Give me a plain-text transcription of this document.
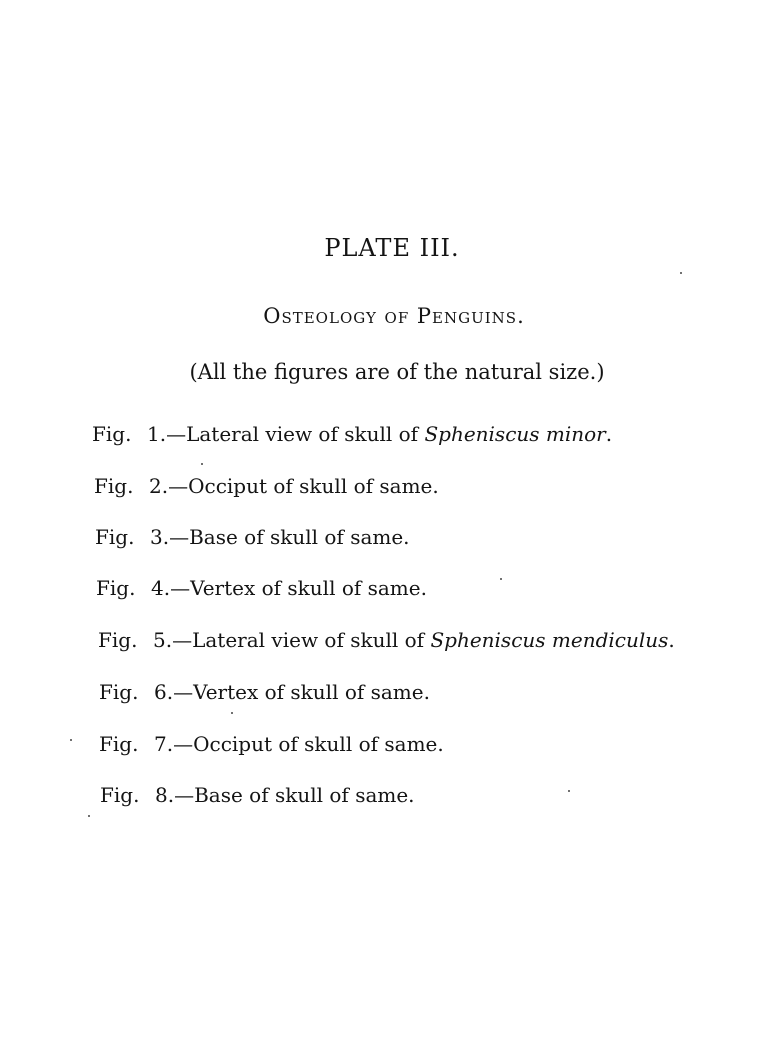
PLATE III.
Osteology of Penguins.
(All the figures are of the natural size.)
Fig. 1.—Lateral view of skull of Spheniscus minor.
Fig. 2.—Occiput of skull of same.
Fig. 3.—Base of skull of same.
Fig. 4.—Vertex of skull of same.
Fig. 5.—Lateral view of skull of Spheniscus mendiculus.
Fig. 6.—Vertex of skull of same.
Fig. 7.—Occiput of skull of same.
Fig. 8.—Base of skull of same.
